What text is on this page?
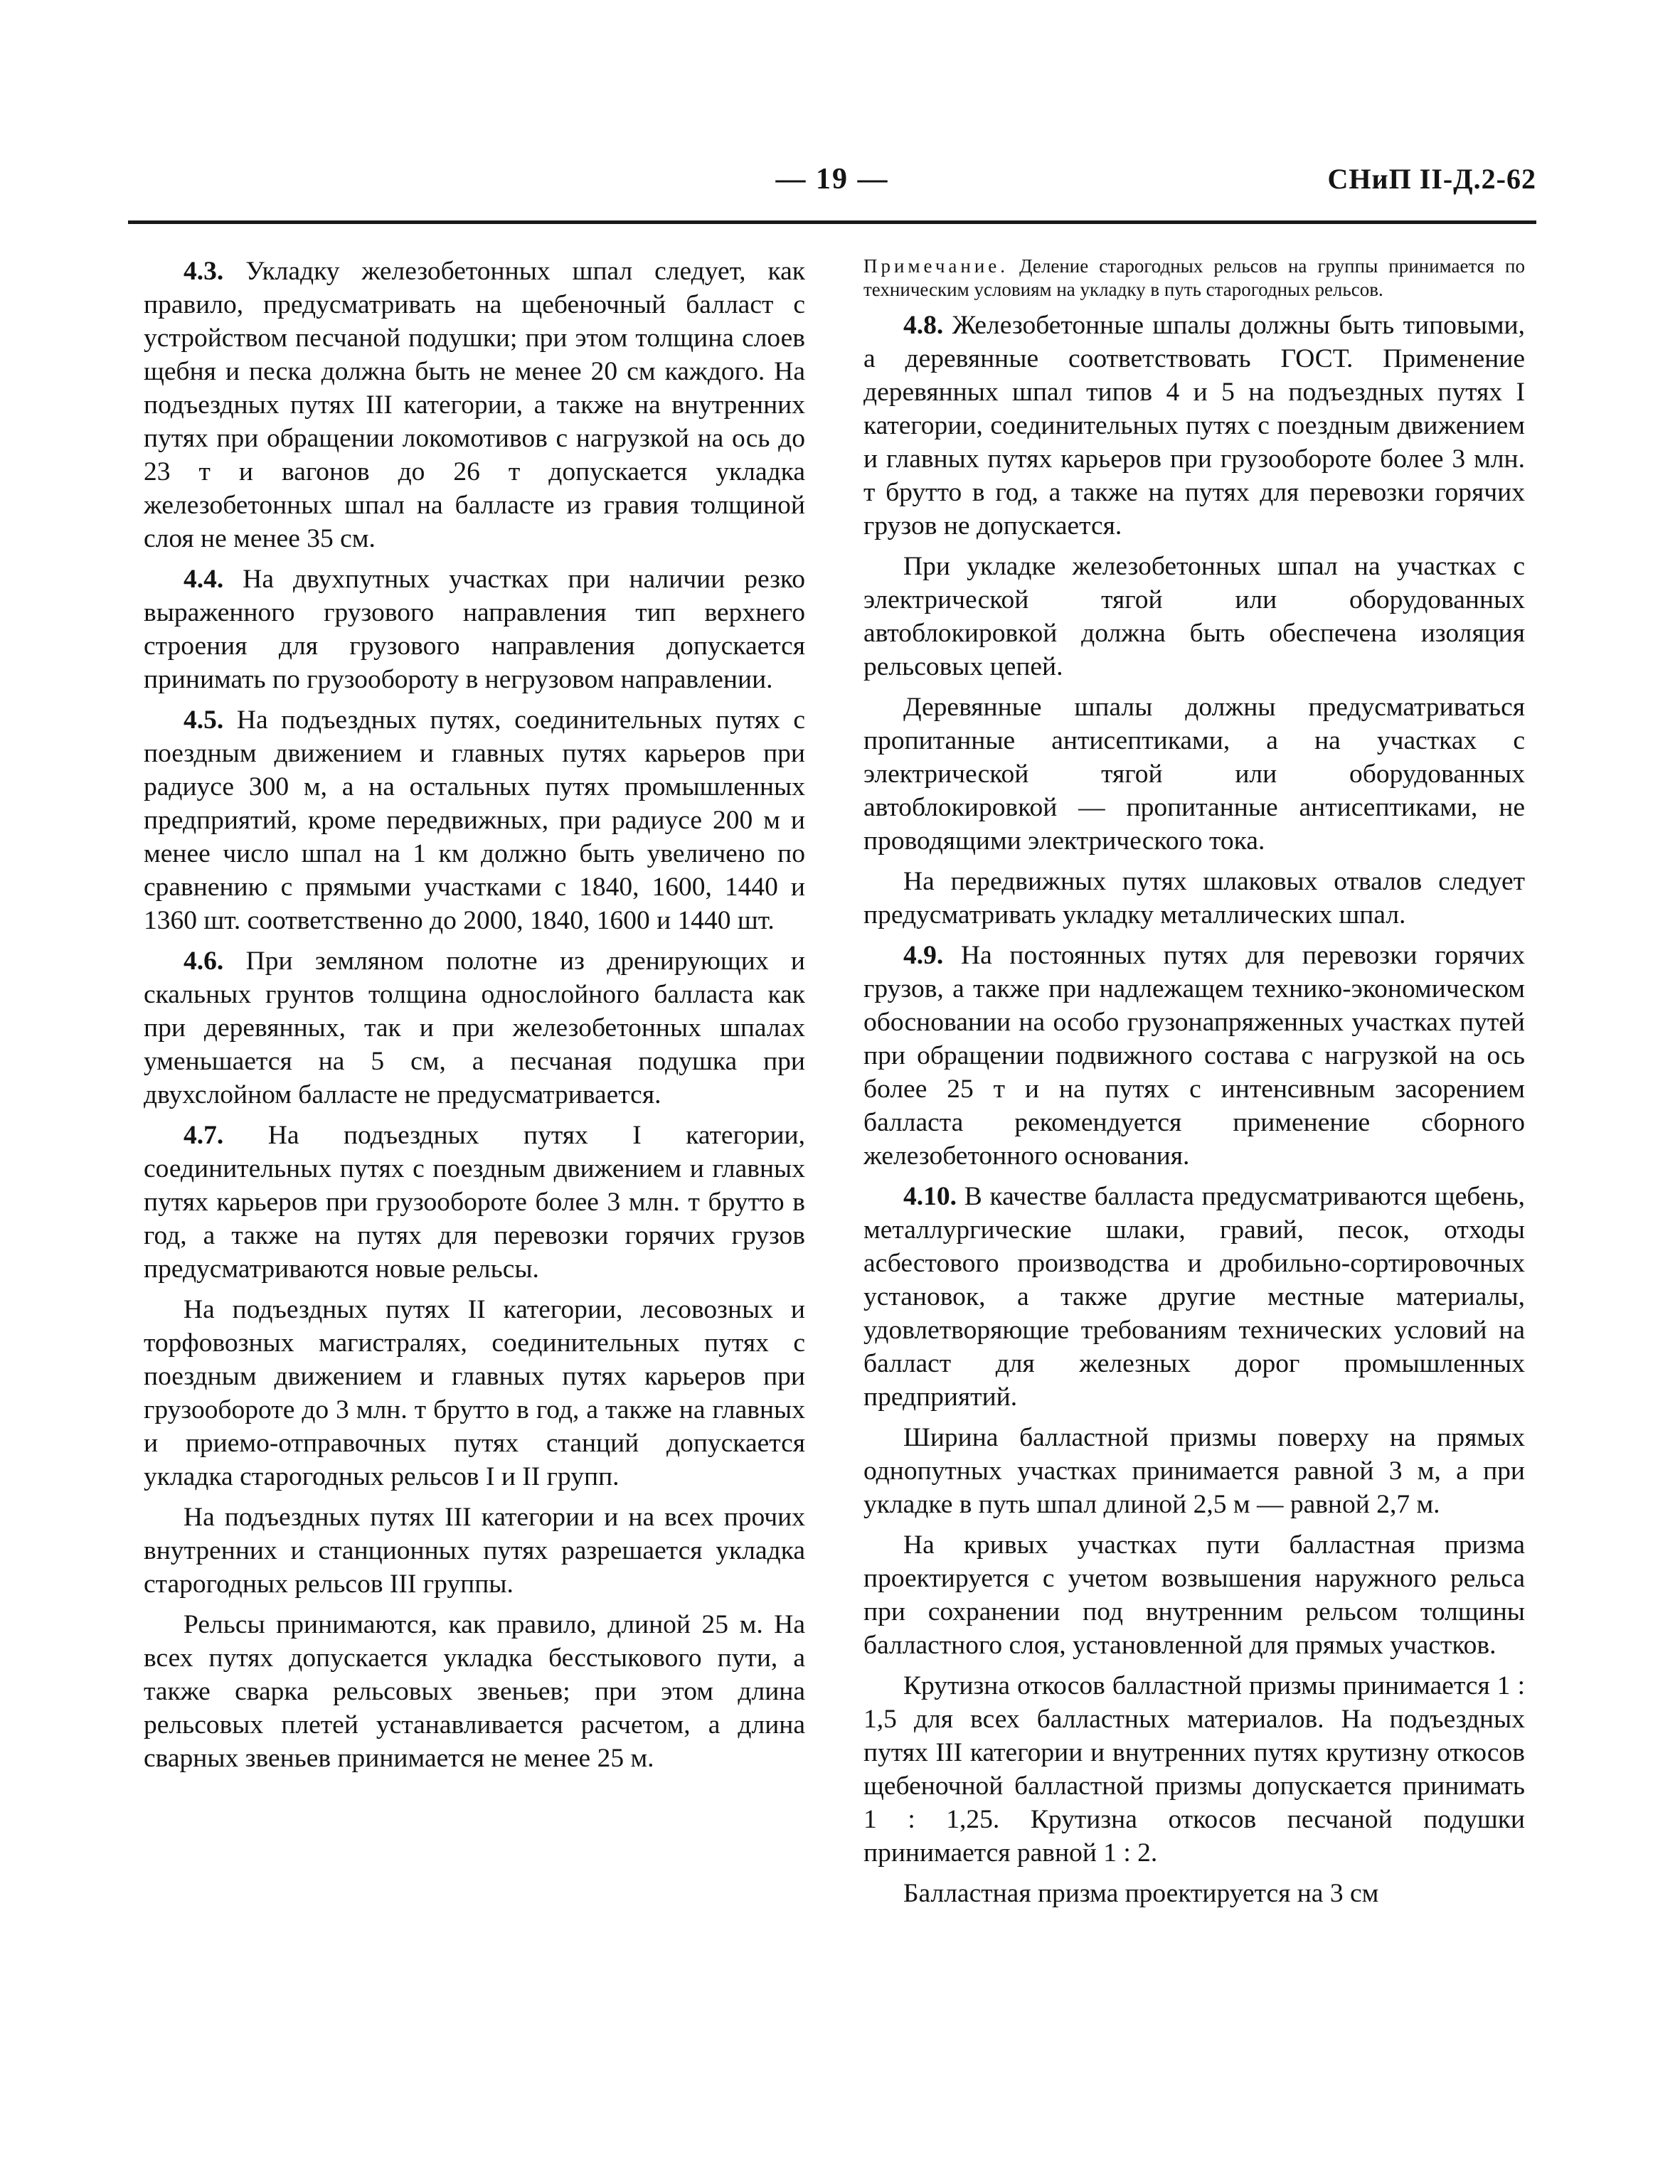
— 19 —	СНиП II-Д.2-62

4.3. Укладку железобетонных шпал следует, как правило, предусматривать на щебеночный балласт с устройством песчаной подушки; при этом толщина слоев щебня и песка должна быть не менее 20 см каждого. На подъездных путях III категории, а также на внутренних путях при обращении локомотивов с нагрузкой на ось до 23 т и вагонов до 26 т допускается укладка железобетонных шпал на балласте из гравия толщиной слоя не менее 35 см.

4.4. На двухпутных участках при наличии резко выраженного грузового направления тип верхнего строения для грузового направления допускается принимать по грузообороту в негрузовом направлении.

4.5. На подъездных путях, соединительных путях с поездным движением и главных путях карьеров при радиусе 300 м, а на остальных путях промышленных предприятий, кроме передвижных, при радиусе 200 м и менее число шпал на 1 км должно быть увеличено по сравнению с прямыми участками с 1840, 1600, 1440 и 1360 шт. соответственно до 2000, 1840, 1600 и 1440 шт.

4.6. При земляном полотне из дренирующих и скальных грунтов толщина однослойного балласта как при деревянных, так и при железобетонных шпалах уменьшается на 5 см, а песчаная подушка при двухслойном балласте не предусматривается.

4.7. На подъездных путях I категории, соединительных путях с поездным движением и главных путях карьеров при грузообороте более 3 млн. т брутто в год, а также на путях для перевозки горячих грузов предусматриваются новые рельсы.

На подъездных путях II категории, лесовозных и торфовозных магистралях, соединительных путях с поездным движением и главных путях карьеров при грузообороте до 3 млн. т брутто в год, а также на главных и приемо-отправочных путях станций допускается укладка старогодных рельсов I и II групп.

На подъездных путях III категории и на всех прочих внутренних и станционных путях разрешается укладка старогодных рельсов III группы.

Рельсы принимаются, как правило, длиной 25 м. На всех путях допускается укладка бесстыкового пути, а также сварка рельсовых звеньев; при этом длина рельсовых плетей устанавливается расчетом, а длина сварных звеньев принимается не менее 25 м.

Примечание. Деление старогодных рельсов на группы принимается по техническим условиям на укладку в путь старогодных рельсов.

4.8. Железобетонные шпалы должны быть типовыми, а деревянные соответствовать ГОСТ. Применение деревянных шпал типов 4 и 5 на подъездных путях I категории, соединительных путях с поездным движением и главных путях карьеров при грузообороте более 3 млн. т брутто в год, а также на путях для перевозки горячих грузов не допускается.

При укладке железобетонных шпал на участках с электрической тягой или оборудованных автоблокировкой должна быть обеспечена изоляция рельсовых цепей.

Деревянные шпалы должны предусматриваться пропитанные антисептиками, а на участках с электрической тягой или оборудованных автоблокировкой — пропитанные антисептиками, не проводящими электрического тока.

На передвижных путях шлаковых отвалов следует предусматривать укладку металлических шпал.

4.9. На постоянных путях для перевозки горячих грузов, а также при надлежащем технико-экономическом обосновании на особо грузонапряженных участках путей при обращении подвижного состава с нагрузкой на ось более 25 т и на путях с интенсивным засорением балласта рекомендуется применение сборного железобетонного основания.

4.10. В качестве балласта предусматриваются щебень, металлургические шлаки, гравий, песок, отходы асбестового производства и дробильно-сортировочных установок, а также другие местные материалы, удовлетворяющие требованиям технических условий на балласт для железных дорог промышленных предприятий.

Ширина балластной призмы поверху на прямых однопутных участках принимается равной 3 м, а при укладке в путь шпал длиной 2,5 м — равной 2,7 м.

На кривых участках пути балластная призма проектируется с учетом возвышения наружного рельса при сохранении под внутренним рельсом толщины балластного слоя, установленной для прямых участков.

Крутизна откосов балластной призмы принимается 1 : 1,5 для всех балластных материалов. На подъездных путях III категории и внутренних путях крутизну откосов щебеночной балластной призмы допускается принимать 1 : 1,25. Крутизна откосов песчаной подушки принимается равной 1 : 2.

Балластная призма проектируется на 3 см
